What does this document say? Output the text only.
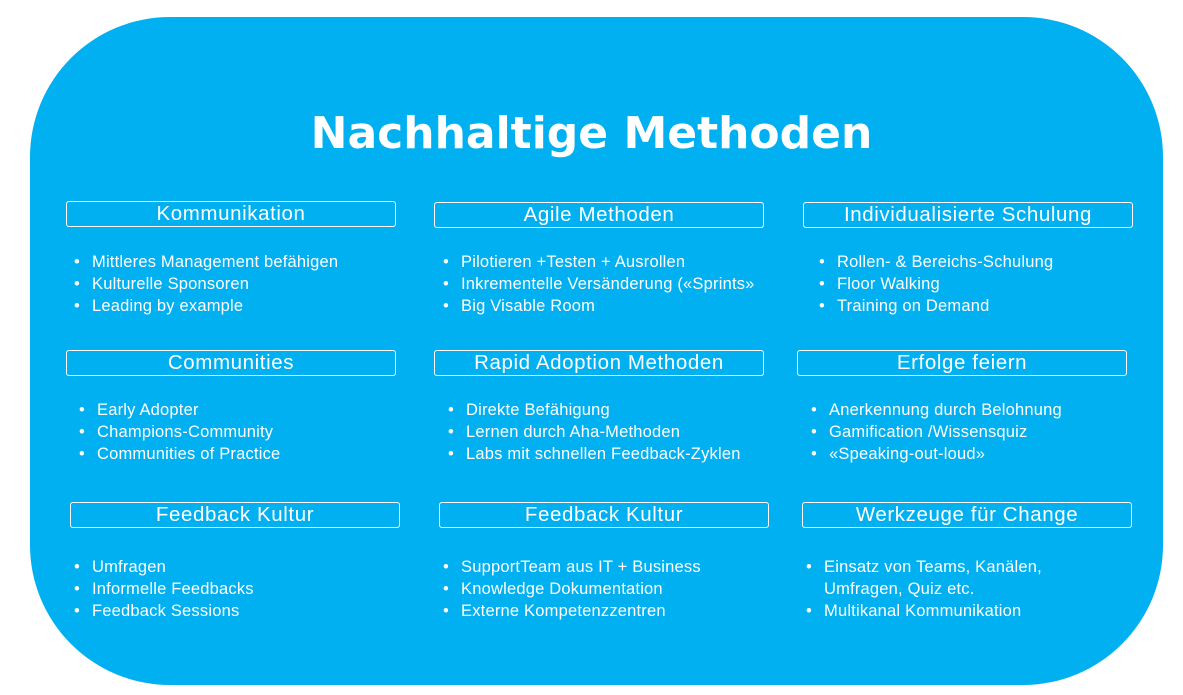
Nachhaltige Methoden
Kommunikation
• Mittleres Management befähigen
• Kulturelle Sponsoren
• Leading by example
Agile Methoden
• Pilotieren +Testen + Ausrollen
• Inkrementelle Versänderung («Sprints»
• Big Visable Room
Individualisierte Schulung
• Rollen- & Bereichs-Schulung
• Floor Walking
• Training on Demand
Communities
• Early Adopter
• Champions-Community
• Communities of Practice
Rapid Adoption Methoden
• Direkte Befähigung
• Lernen durch Aha-Methoden
• Labs mit schnellen Feedback-Zyklen
Erfolge feiern
• Anerkennung durch Belohnung
• Gamification /Wissensquiz
• «Speaking-out-loud»
Feedback Kultur
• Umfragen
• Informelle Feedbacks
• Feedback Sessions
Feedback Kultur
• SupportTeam aus IT + Business
• Knowledge Dokumentation
• Externe Kompetenzzentren
Werkzeuge für Change
• Einsatz von Teams, Kanälen, Umfragen, Quiz etc.
• Multikanal Kommunikation
